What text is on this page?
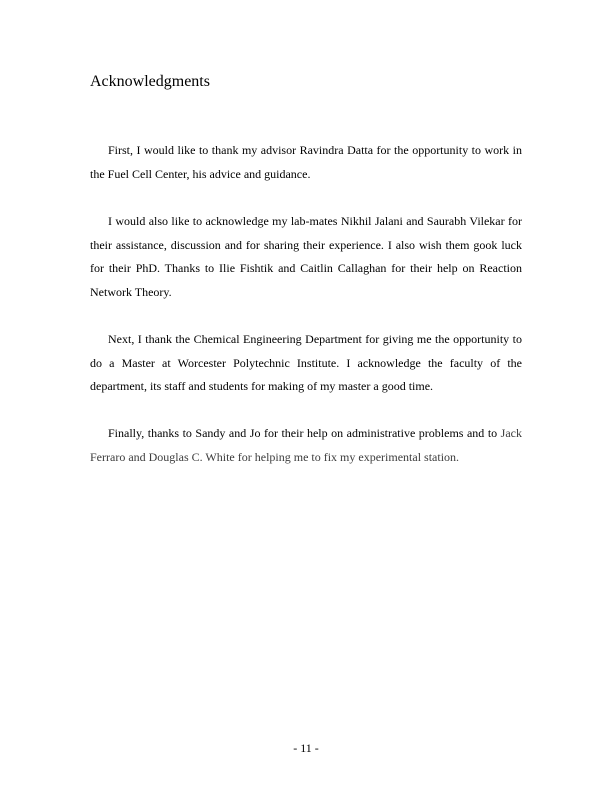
Acknowledgments

First, I would like to thank my advisor Ravindra Datta for the opportunity to work in the Fuel Cell Center, his advice and guidance.

I would also like to acknowledge my lab-mates Nikhil Jalani and Saurabh Vilekar for their assistance, discussion and for sharing their experience. I also wish them gook luck for their PhD. Thanks to Ilie Fishtik and Caitlin Callaghan for their help on Reaction Network Theory.

Next, I thank the Chemical Engineering Department for giving me the opportunity to do a Master at Worcester Polytechnic Institute. I acknowledge the faculty of the department, its staff and students for making of my master a good time.

Finally, thanks to Sandy and Jo for their help on administrative problems and to Jack Ferraro and Douglas C. White for helping me to fix my experimental station.

- 11 -
